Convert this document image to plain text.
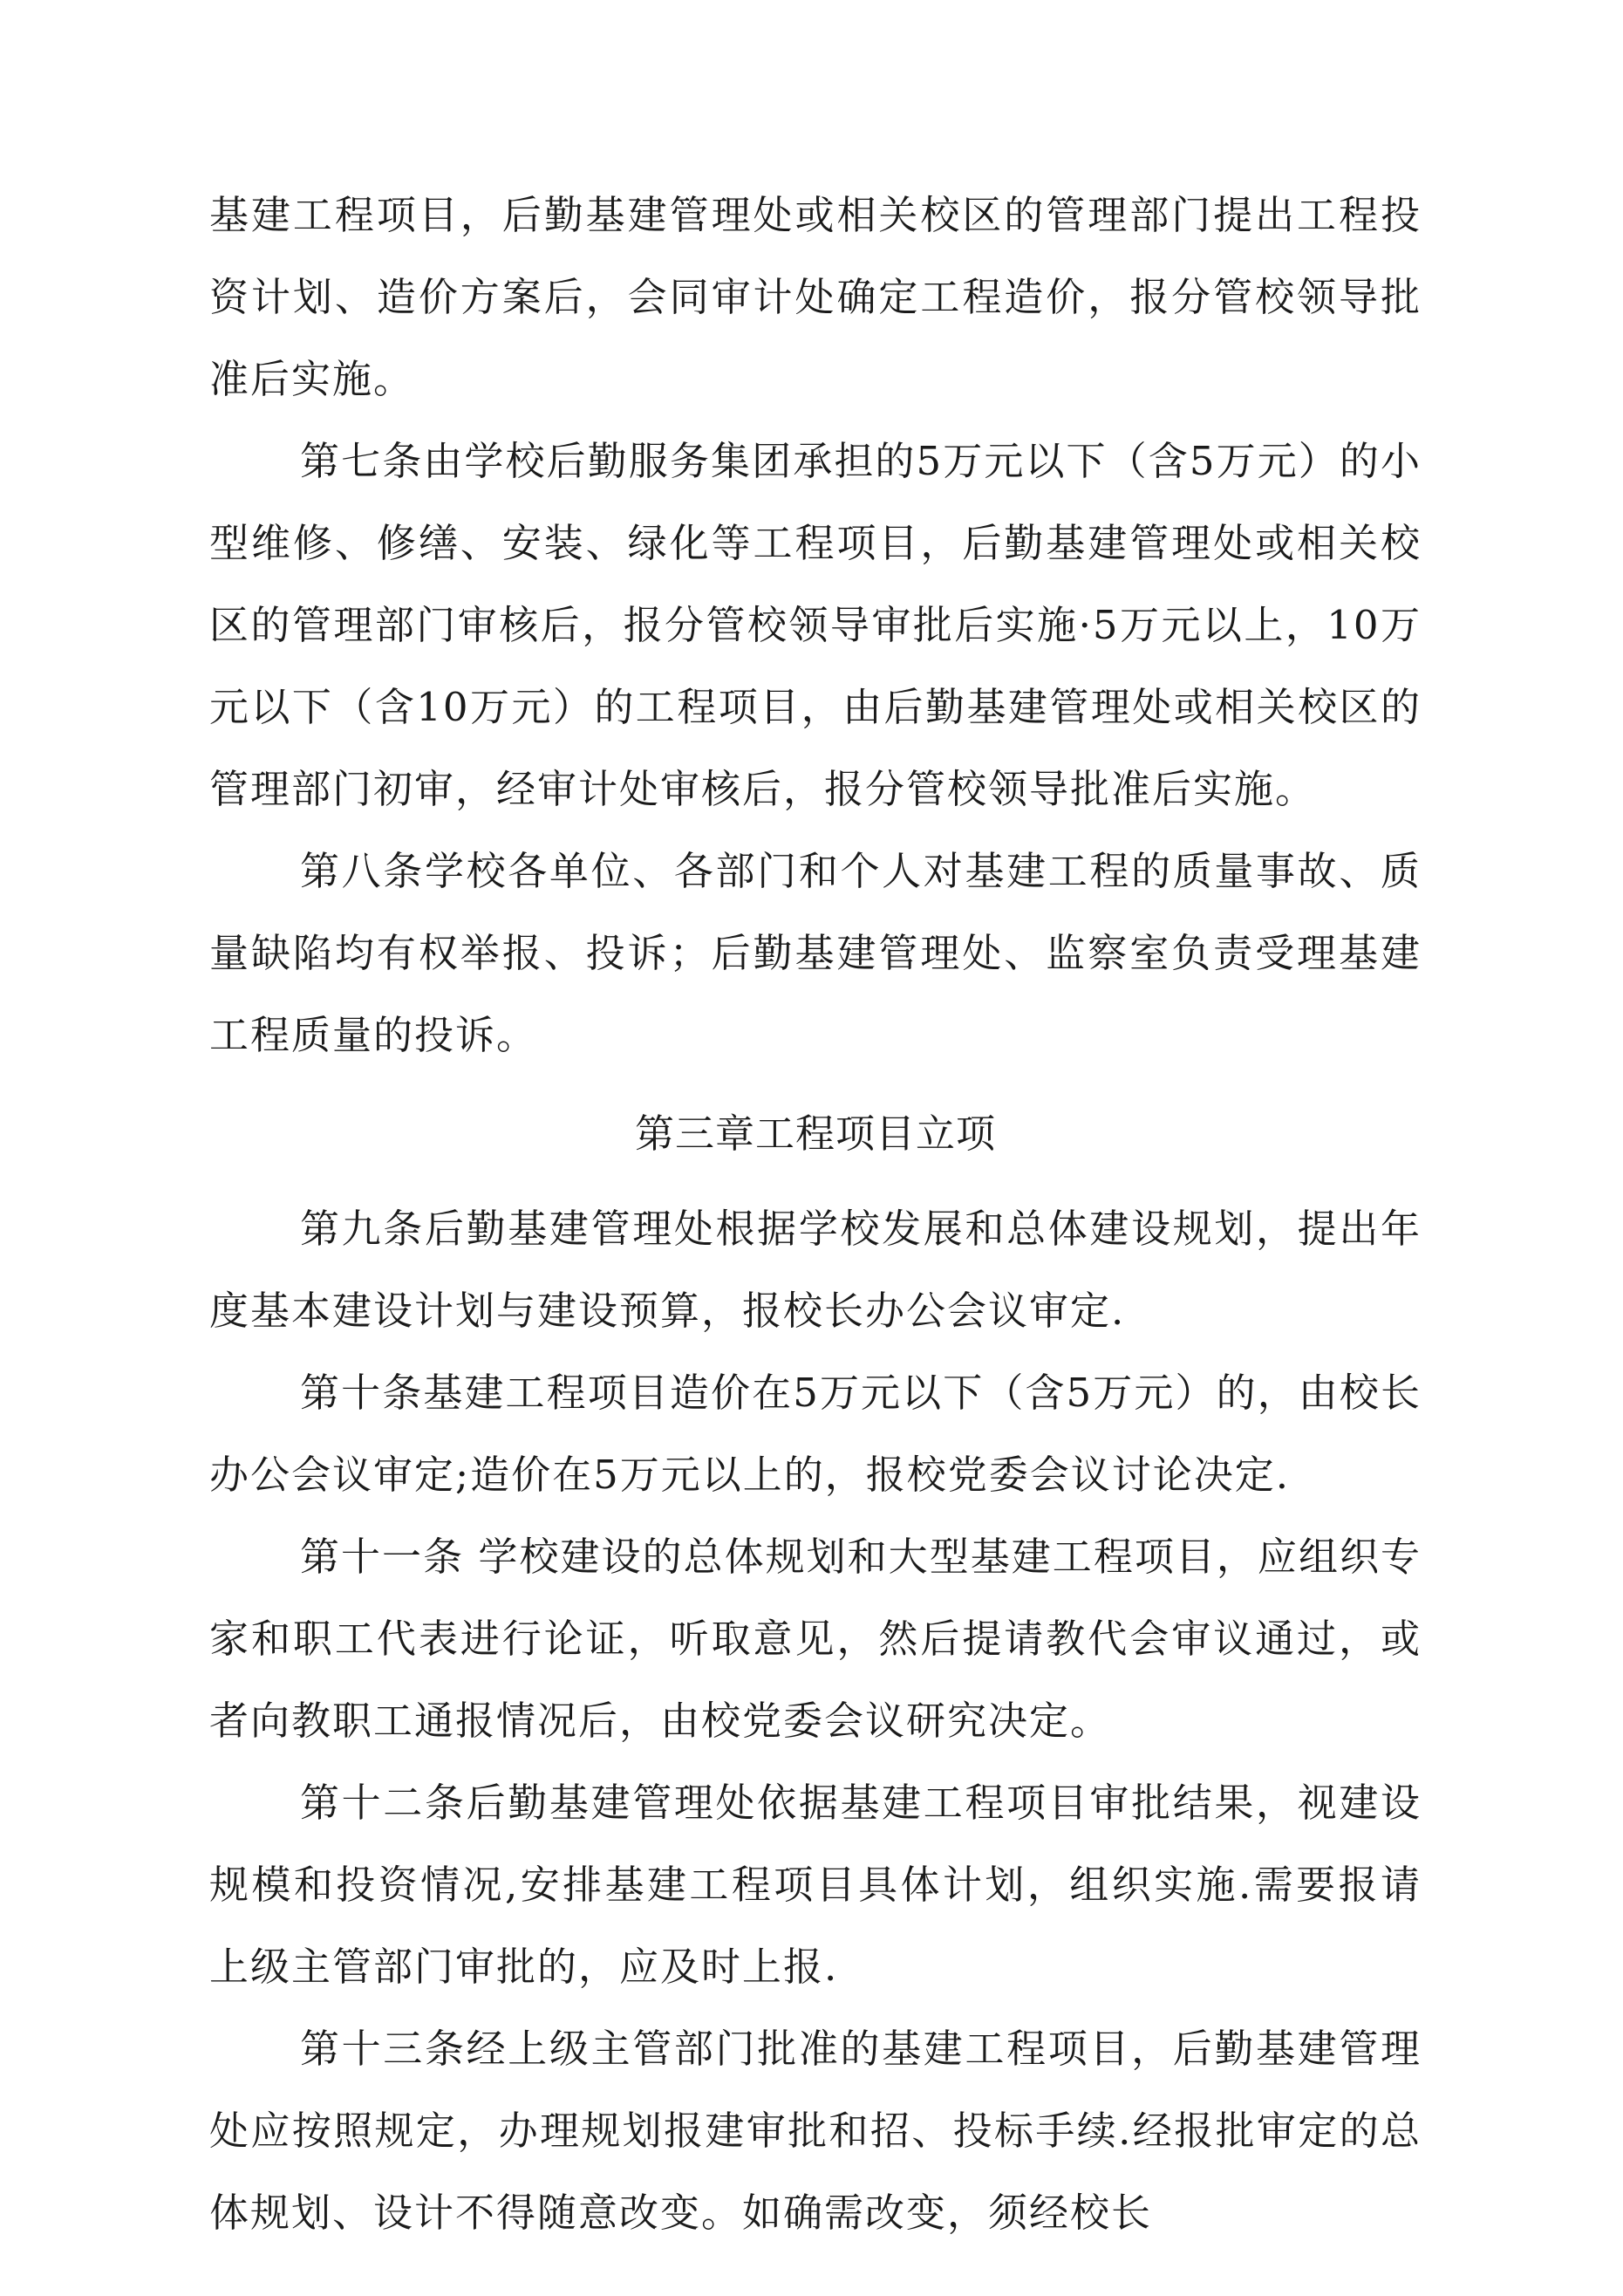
基建工程项目，后勤基建管理处或相关校区的管理部门提出工程投资计划、造价方案后，会同审计处确定工程造价，报分管校领导批准后实施。

第七条由学校后勤服务集团承担的5万元以下（含5万元）的小型维修、修缮、安装、绿化等工程项目，后勤基建管理处或相关校区的管理部门审核后，报分管校领导审批后实施·5万元以上，10万元以下（含10万元）的工程项目，由后勤基建管理处或相关校区的管理部门初审，经审计处审核后，报分管校领导批准后实施。

第八条学校各单位、各部门和个人对基建工程的质量事故、质量缺陷均有权举报、投诉；后勤基建管理处、监察室负责受理基建工程质量的投诉。

第三章工程项目立项

第九条后勤基建管理处根据学校发展和总体建设规划，提出年度基本建设计划与建设预算，报校长办公会议审定.

第十条基建工程项目造价在5万元以下（含5万元）的，由校长办公会议审定;造价在5万元以上的，报校党委会议讨论决定.

第十一条 学校建设的总体规划和大型基建工程项目，应组织专家和职工代表进行论证，听取意见，然后提请教代会审议通过，或者向教职工通报情况后，由校党委会议研究决定。

第十二条后勤基建管理处依据基建工程项目审批结果，视建设规模和投资情况,安排基建工程项目具体计划，组织实施.需要报请上级主管部门审批的，应及时上报.

第十三条经上级主管部门批准的基建工程项目，后勤基建管理处应按照规定，办理规划报建审批和招、投标手续.经报批审定的总体规划、设计不得随意改变。如确需改变，须经校长
